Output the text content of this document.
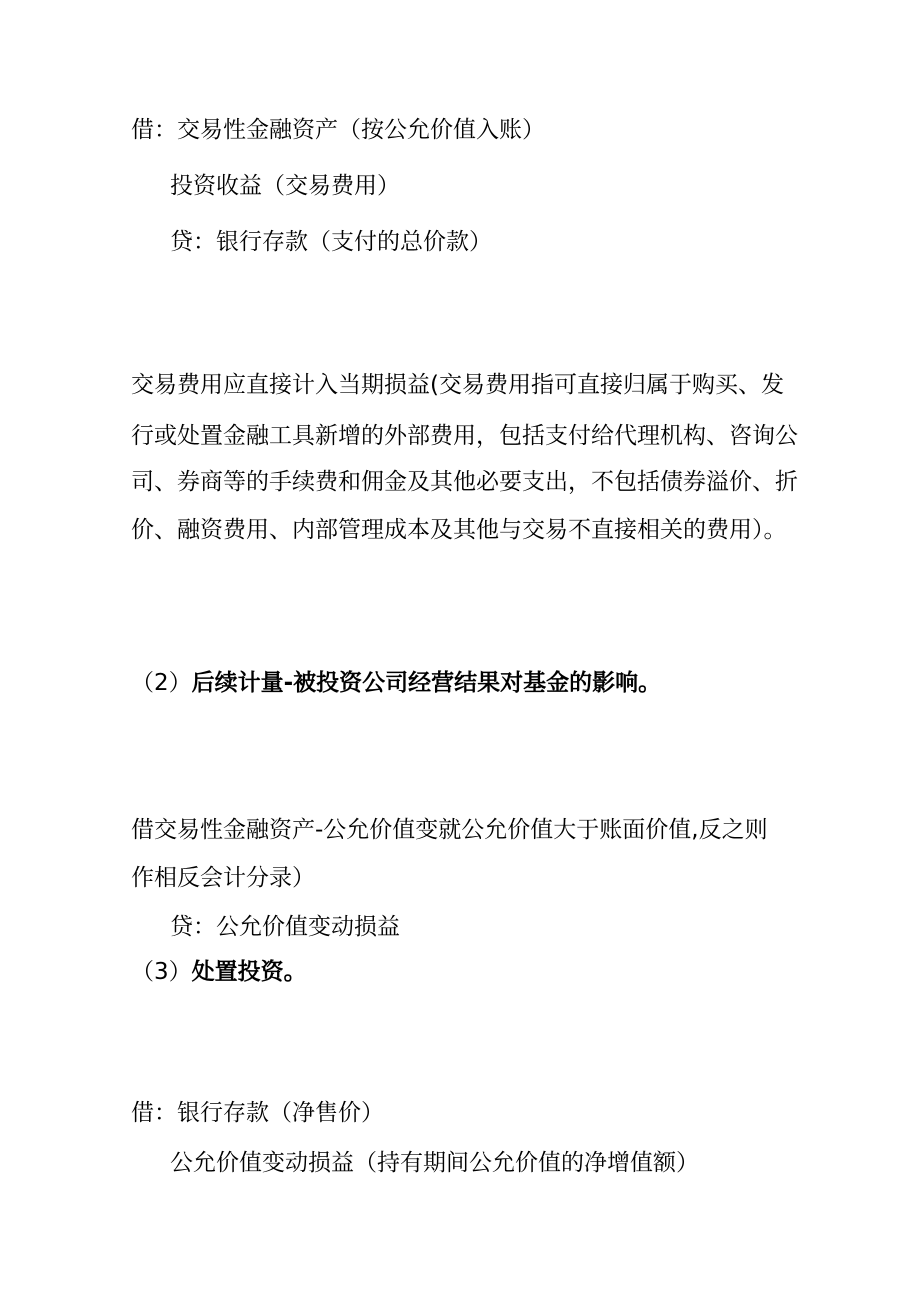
借：交易性金融资产（按公允价值入账）

投资收益（交易费用）

贷：银行存款（支付的总价款）

交易费用应直接计入当期损益(交易费用指可直接归属于购买、发

行或处置金融工具新增的外部费用，包括支付给代理机构、咨询公

司、券商等的手续费和佣金及其他必要支出，不包括债券溢价、折

价、融资费用、内部管理成本及其他与交易不直接相关的费用）。

（2）后续计量-被投资公司经营结果对基金的影响。

借交易性金融资产-公允价值变就公允价值大于账面价值,反之则

作相反会计分录）

贷：公允价值变动损益

（3）处置投资。

借：银行存款（净售价）

公允价值变动损益（持有期间公允价值的净增值额）
